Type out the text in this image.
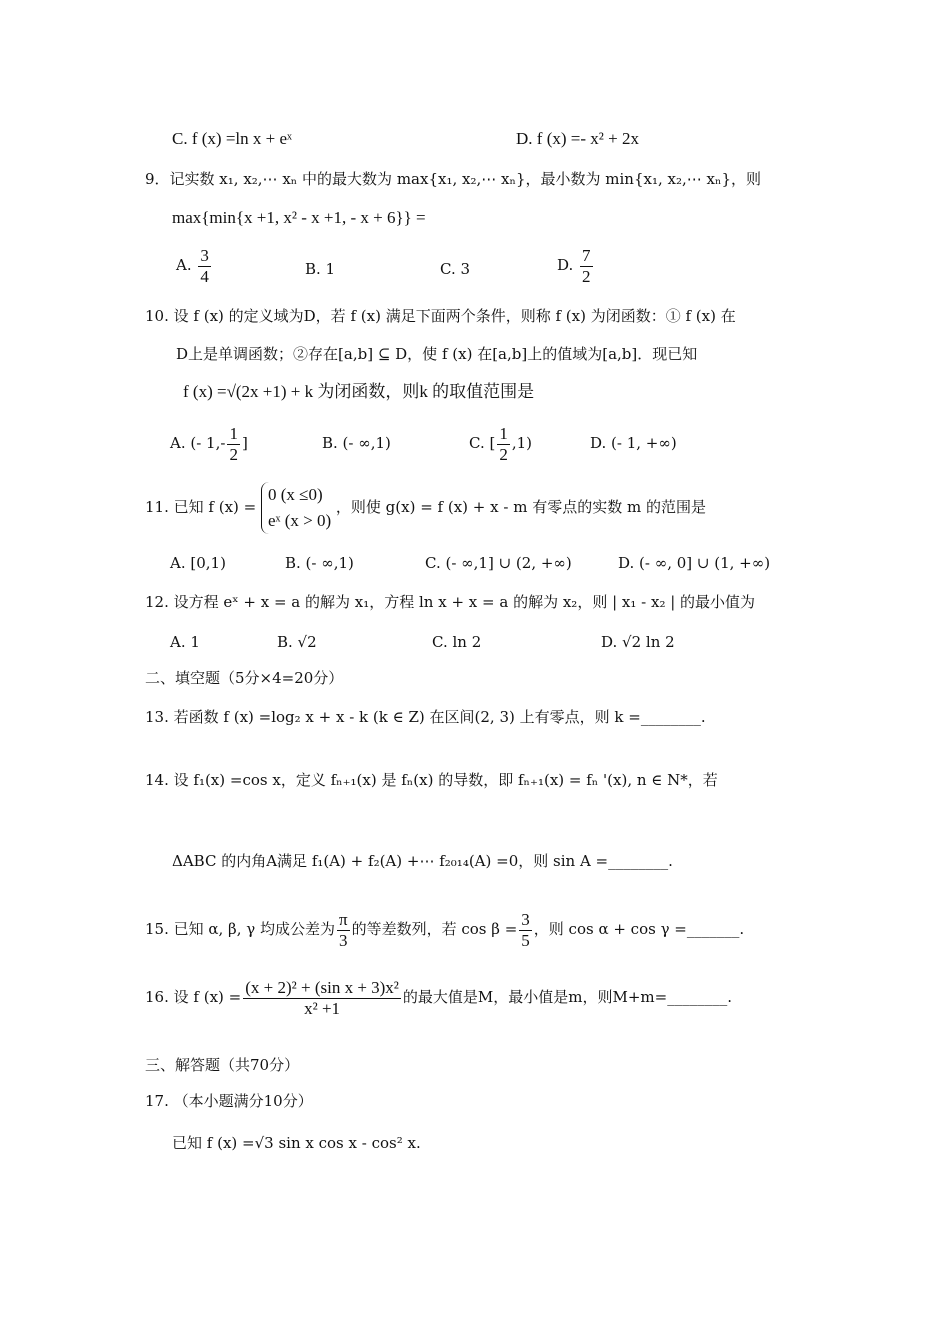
C. f (x) =ln x + eˣ	D. f (x) =- x² + 2x
9．记实数 x₁, x₂,⋯ xₙ 中的最大数为 max{x₁, x₂,⋯ xₙ}，最小数为 min{x₁, x₂,⋯ xₙ}，则
max{min{x +1, x² - x +1, - x + 6}} =
A. $\frac{3}{4}$	B. 1	C. 3	D. $\frac{7}{2}$
10. 设 f (x) 的定义域为D，若 f (x) 满足下面两个条件，则称 f (x) 为闭函数：① f (x) 在
D上是单调函数；②存在[a,b] ⊆ D，使 f (x) 在[a,b]上的值域为[a,b]．现已知
f (x) =√(2x +1) + k 为闭函数，则k 的取值范围是
A. (- $1,- \frac{1}{2}$ ]	B. (- ∞,1)	C. [ $\frac{1}{2} ,1$)	D. (- 1, +∞)
11. 已知 f (x) =
0 (x ≤0)
eˣ (x > 0)
，则使 g(x) = f (x) + x - m 有零点的实数 m 的范围是
A. [0,1)	B. (- ∞,1)	C. (- ∞,1] ∪ (2, +∞)	D. (- ∞, 0] ∪ (1, +∞)
12. 设方程 eˣ + x = a 的解为 x₁，方程 ln x + x = a 的解为 x₂，则 | x₁ - x₂ | 的最小值为
A. 1	B. √2	C. ln 2	D. √2 ln 2
二、填空题（5分×4=20分）
13. 若函数 f (x) =log₂ x + x - k (k ∈ Z) 在区间(2, 3) 上有零点，则 k =________.
14. 设 f₁(x) =cos x，定义 fₙ₊₁(x) 是 fₙ(x) 的导数，即 fₙ₊₁(x) = fₙ '(x), n ∈ N*，若
ΔABC 的内角A满足 f₁(A) + f₂(A) +⋯ f₂₀₁₄(A) =0，则 sin A =________.
15. 已知 α, β, γ 均成公差为 $\frac{\pi}{3}$ 的等差数列，若 $\cos \beta = \frac{3}{5}$ ，则 cos α + cos γ =_______.
16. 设 f $(x) = \frac{\text{(x + 2)² + (sin x + 3)x²}}{\text{x² +1}}$ 的最大值是M，最小值是m，则M+m=________.
三、解答题（共70分）
17. （本小题满分10分）
已知 f (x) =√3 sin x cos x - cos² x.
